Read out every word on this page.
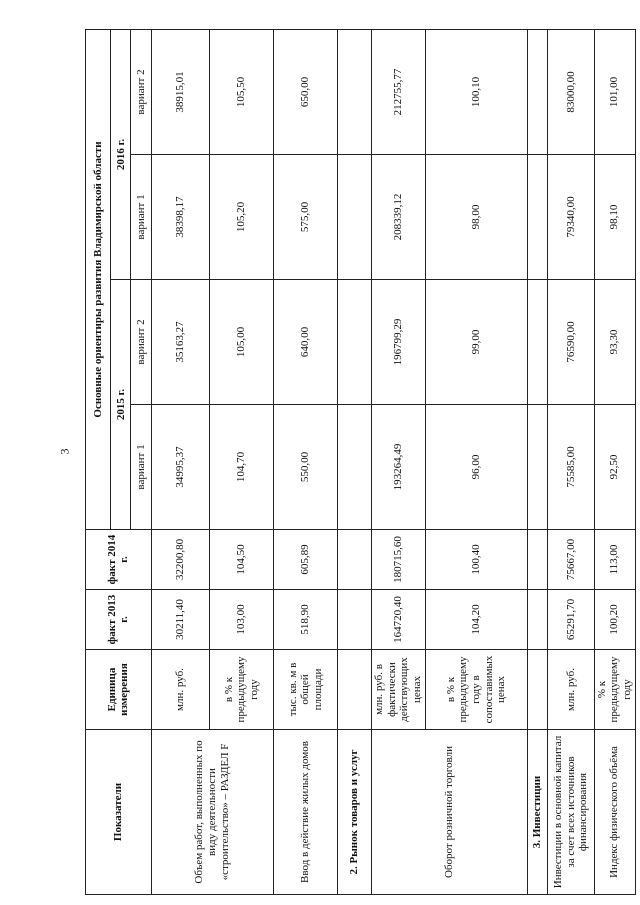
3
Показатели	Единица измерения	факт 2013 г.	факт 2014 г.	Основные ориентиры развития Владимирской области			
				2015 г.		2016 г.	
				вариант 1	вариант 2	вариант 1	вариант 2
Объем работ, выполненных по виду деятельности «строительство» – РАЗДЕЛ F	млн. руб.	30211,40	32200,80	34995,37	35163,27	38398,17	38915,01
	в % к предыдущему году	103,00	104,50	104,70	105,00	105,20	105,50
Ввод в действие жилых домов	тыс. кв. м в общей площади	518,90	605,89	550,00	640,00	575,00	650,00
2. Рынок товаров и услуг							
Оборот розничной торговли	млн. руб. в фактически действующих ценах	164720,40	180715,60	193264,49	196799,29	208339,12	212755,77
	в % к предыдущему году в сопоставимых ценах	104,20	100,40	96,00	99,00	98,00	100,10
3. Инвестиции							
Инвестиции в основной капитал за счет всех источников финансирования	млн. руб.	65291,70	75667,00	75585,00	76590,00	79340,00	83000,00
Индекс физического объёма	% к предыдущему году	100,20	113,00	92,50	93,30	98,10	101,00
